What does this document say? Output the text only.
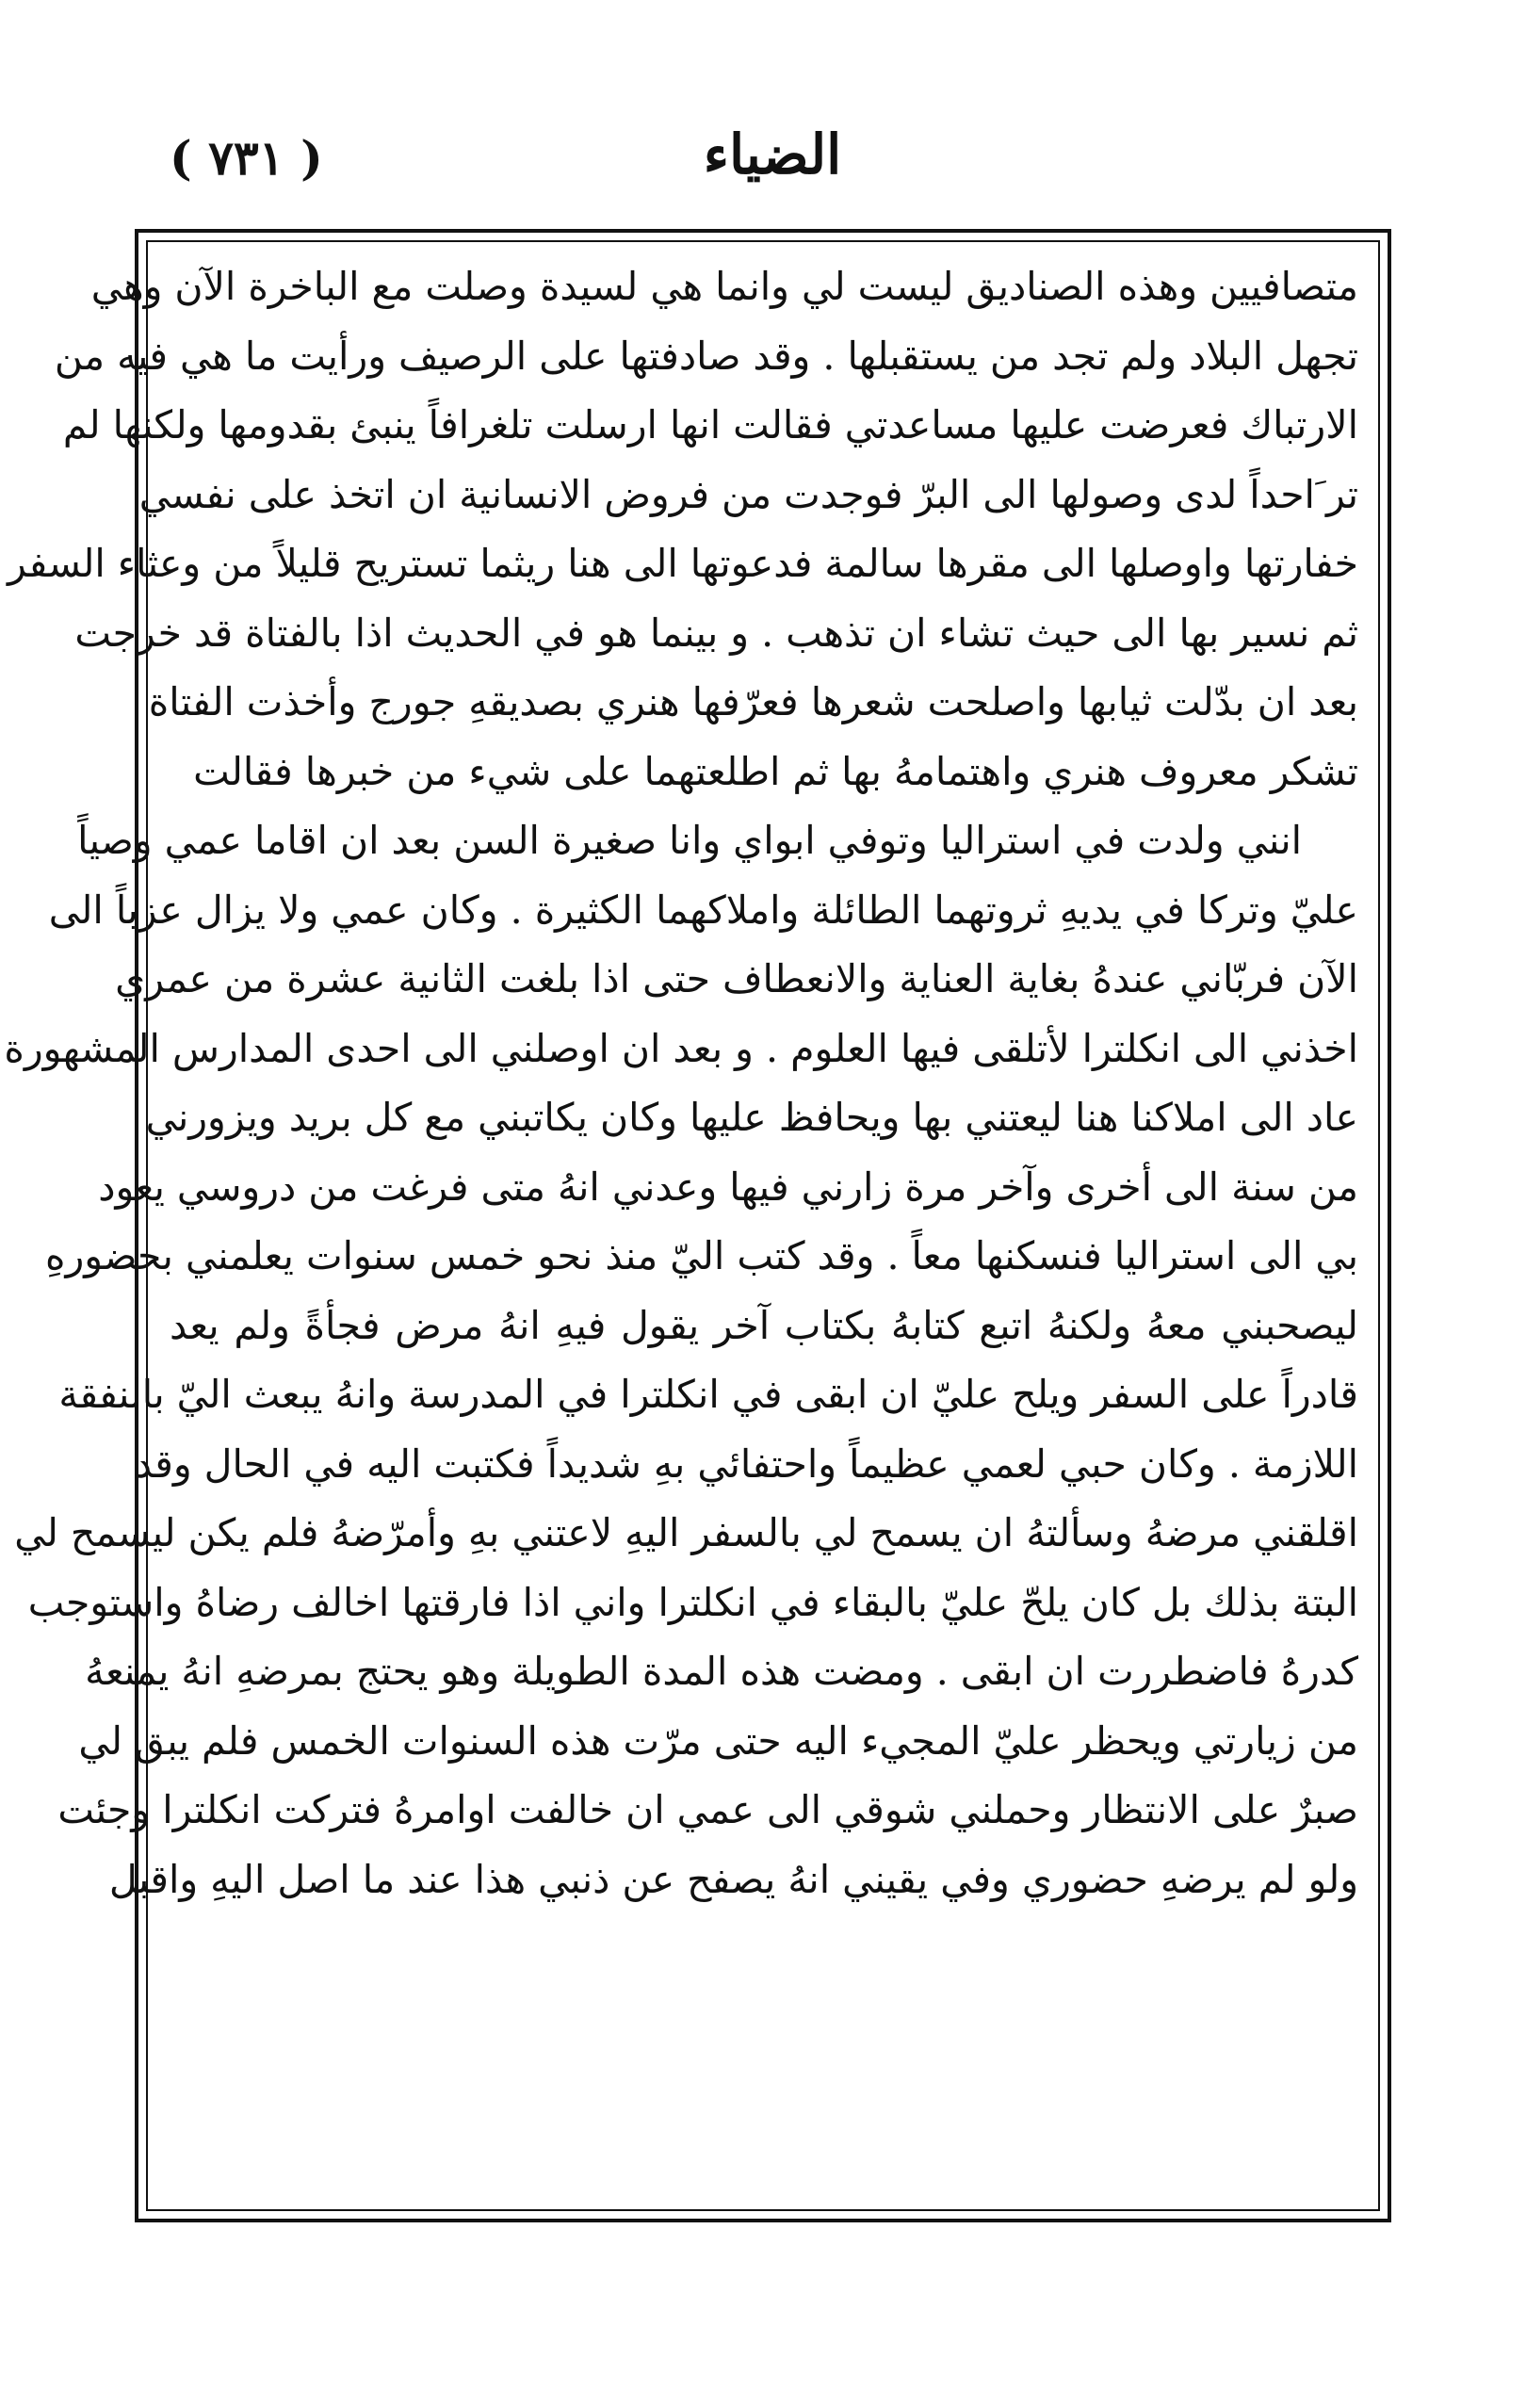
الضياء
( ٧٣١ )
متصافيين وهذه الصناديق ليست لي وانما هي لسيدة وصلت مع الباخرة الآن وهي
تجهل البلاد ولم تجد من يستقبلها . وقد صادفتها على الرصيف ورأيت ما هي فيه من
الارتباك فعرضت عليها مساعدتي فقالت انها ارسلت تلغرافاً ينبئ بقدومها ولكنها لم
تر َاحداً لدى وصولها الى البرّ فوجدت من فروض الانسانية ان اتخذ على نفسي
خفارتها واوصلها الى مقرها سالمة فدعوتها الى هنا ريثما تستريح قليلاً من وعثاء السفر
ثم نسير بها الى حيث تشاء ان تذهب . و بينما هو في الحديث اذا بالفتاة قد خرجت
بعد ان بدّلت ثيابها واصلحت شعرها فعرّفها هنري بصديقهِ جورج وأخذت الفتاة
تشكر معروف هنري واهتمامهُ بها ثم اطلعتهما على شيء من خبرها فقالت
انني ولدت في استراليا وتوفي ابواي وانا صغيرة السن بعد ان اقاما عمي وصياً
عليّ وتركا في يديهِ ثروتهما الطائلة واملاكهما الكثيرة . وكان عمي ولا يزال عزباً الى
الآن فربّاني عندهُ بغاية العناية والانعطاف حتى اذا بلغت الثانية عشرة من عمري
اخذني الى انكلترا لأتلقى فيها العلوم . و بعد ان اوصلني الى احدى المدارس المشهورة
عاد الى املاكنا هنا ليعتني بها ويحافظ عليها وكان يكاتبني مع كل بريد ويزورني
من سنة الى أخرى وآخر مرة زارني فيها وعدني انهُ متى فرغت من دروسي يعود
بي الى استراليا فنسكنها معاً . وقد كتب اليّ منذ نحو خمس سنوات يعلمني بحضورهِ
ليصحبني معهُ ولكنهُ اتبع كتابهُ بكتاب آخر يقول فيهِ انهُ مرض فجأةً ولم يعد
قادراً على السفر ويلح عليّ ان ابقى في انكلترا في المدرسة وانهُ يبعث اليّ بالنفقة
اللازمة . وكان حبي لعمي عظيماً واحتفائي بهِ شديداً فكتبت اليه في الحال وقد
اقلقني مرضهُ وسألتهُ ان يسمح لي بالسفر اليهِ لاعتني بهِ وأمرّضهُ فلم يكن ليسمح لي
البتة بذلك بل كان يلحّ عليّ بالبقاء في انكلترا واني اذا فارقتها اخالف رضاهُ واستوجب
كدرهُ فاضطررت ان ابقى . ومضت هذه المدة الطويلة وهو يحتج بمرضهِ انهُ يمنعهُ
من زيارتي ويحظر عليّ المجيء اليه حتى مرّت هذه السنوات الخمس فلم يبق لي
صبرٌ على الانتظار وحملني شوقي الى عمي ان خالفت اوامرهُ فتركت انكلترا وجئت
ولو لم يرضهِ حضوري وفي يقيني انهُ يصفح عن ذنبي هذا عند ما اصل اليهِ واقبل
